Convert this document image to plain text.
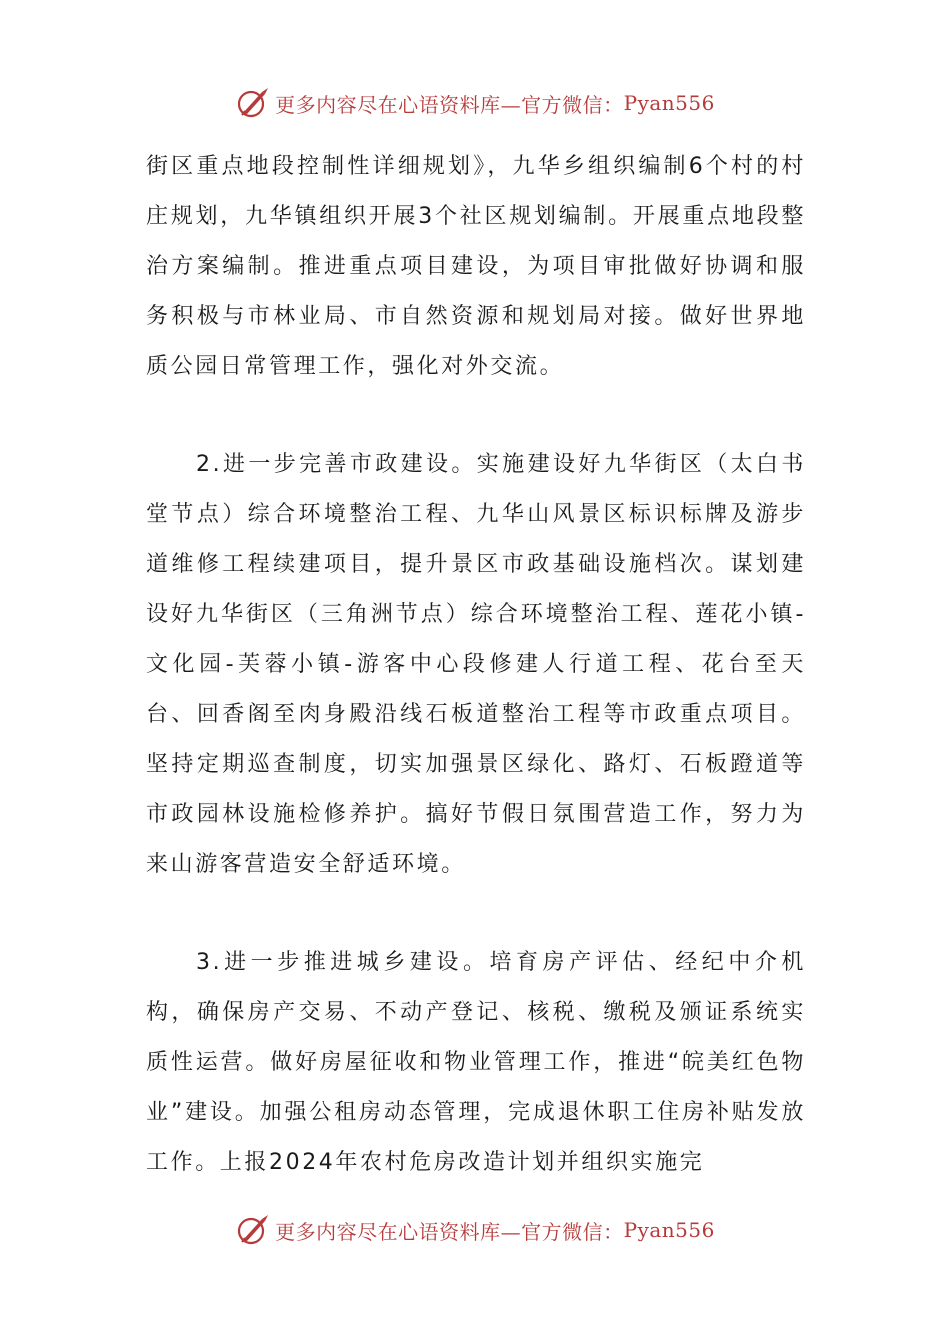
更多内容尽在心语资料库—官方微信： Pyan556

街区重点地段控制性详细规划》，九华乡组织编制6个村的村庄规划，九华镇组织开展3个社区规划编制。开展重点地段整治方案编制。推进重点项目建设，为项目审批做好协调和服务积极与市林业局、市自然资源和规划局对接。做好世界地质公园日常管理工作，强化对外交流。

2.进一步完善市政建设。实施建设好九华街区（太白书堂节点）综合环境整治工程、九华山风景区标识标牌及游步道维修工程续建项目，提升景区市政基础设施档次。谋划建设好九华街区（三角洲节点）综合环境整治工程、莲花小镇-文化园-芙蓉小镇-游客中心段修建人行道工程、花台至天台、回香阁至肉身殿沿线石板道整治工程等市政重点项目。坚持定期巡查制度，切实加强景区绿化、路灯、石板蹬道等市政园林设施检修养护。搞好节假日氛围营造工作，努力为来山游客营造安全舒适环境。

3.进一步推进城乡建设。培育房产评估、经纪中介机构，确保房产交易、不动产登记、核税、缴税及颁证系统实质性运营。做好房屋征收和物业管理工作，推进“皖美红色物业”建设。加强公租房动态管理，完成退休职工住房补贴发放工作。上报2024年农村危房改造计划并组织实施完

更多内容尽在心语资料库—官方微信： Pyan556
